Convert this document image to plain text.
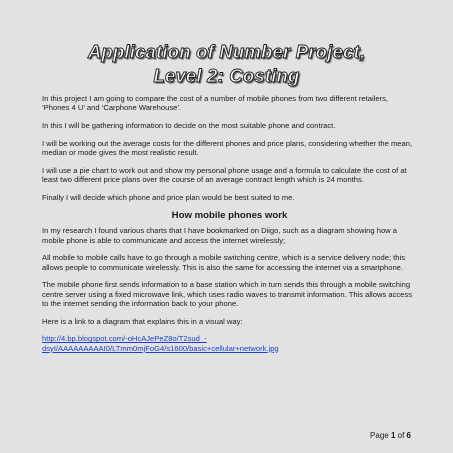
Application of Number Project,
Level 2: Costing

In this project I am going to compare the cost of a number of mobile phones from two different retailers, ‘Phones 4 U’ and ‘Carphone Warehouse’.

In this I will be gathering information to decide on the most suitable phone and contract.

I will be working out the average costs for the different phones and price plans, considering whether the mean, median or mode gives the most realistic result.

I will use a pie chart to work out and show my personal phone usage and a formula to calculate the cost of at least two different price plans over the course of an average contract length which is 24 months.

Finally I will decide which phone and price plan would be best suited to me.

How mobile phones work

In my research I found various charts that I have bookmarked on Diigo, such as a diagram showing how a mobile phone is able to communicate and access the internet wirelessly;

All mobile to mobile calls have to go through a mobile switching centre, which is a service delivery node; this allows people to communicate wirelessly. This is also the same for accessing the internet via a smartphone.

The mobile phone first sends information to a base station which in turn sends this through a mobile switching centre server using a fixed microwave link, which uses radio waves to transmit information. This allows access to the internet sending the information back to your phone.

Here is a link to a diagram that explains this in a visual way:

http://4.bp.blogspot.com/-oHcAJePeZ8o/T2sud_-
dsyI/AAAAAAAAAI0/LTmm0mjFoG4/s1600/basic+cellular+network.jpg

Page 1 of 6
